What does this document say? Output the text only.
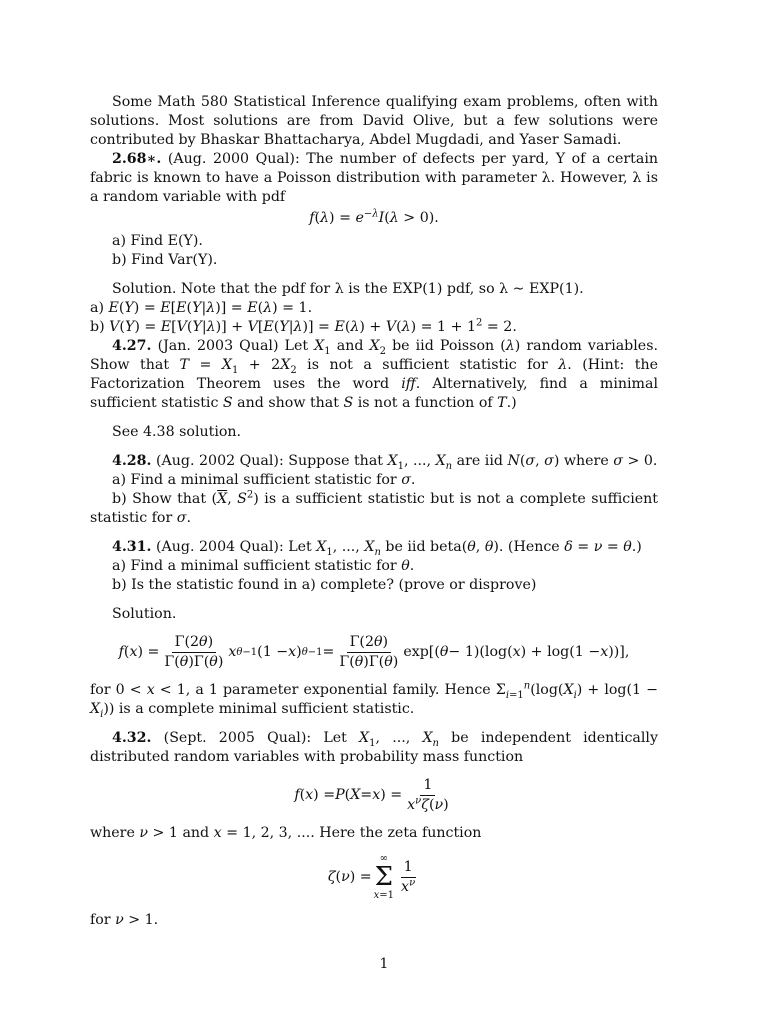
Some Math 580 Statistical Inference qualifying exam problems, often with solutions. Most solutions are from David Olive, but a few solutions were contributed by Bhaskar Bhattacharya, Abdel Mugdadi, and Yaser Samadi.

2.68∗. (Aug. 2000 Qual): The number of defects per yard, Y of a certain fabric is known to have a Poisson distribution with parameter λ. However, λ is a random variable with pdf

$f(\lambda) = e^{-\lambda}I(\lambda > 0)$.

a) Find E(Y).

b) Find Var(Y).

Solution. Note that the pdf for λ is the EXP(1) pdf, so λ ∼ EXP(1).

a) E(Y) = E[E(Y|λ)] = E(λ) = 1.

b) $V(Y) = E[V(Y|\lambda)] + V[E(Y|\lambda)] = E(\lambda) + V(\lambda) = 1 + 1^2 = 2$.

4.27. (Jan. 2003 Qual) Let $X_1$ and $X_2$ be iid Poisson (λ) random variables. Show that $T = X_1 + 2X_2$ is not a sufficient statistic for λ. (Hint: the Factorization Theorem uses the word iff. Alternatively, find a minimal sufficient statistic S and show that S is not a function of T.)

See 4.38 solution.

4.28. (Aug. 2002 Qual): Suppose that $X_1$, ..., $X_n$ are iid N(σ, σ) where σ > 0.

a) Find a minimal sufficient statistic for σ.

b) Show that ($\overline{X}$, $S^2$) is a sufficient statistic but is not a complete sufficient statistic for σ.

4.31. (Aug. 2004 Qual): Let $X_1$, ..., $X_n$ be iid beta(θ, θ). (Hence δ = ν = θ.)

a) Find a minimal sufficient statistic for θ.

b) Is the statistic found in a) complete? (prove or disprove)

Solution.

f ( x ) = $\frac{\Gamma(2\theta)}{\Gamma(\theta)\Gamma(\theta)}$ x θ−1 (1 − x ) $\theta-1 = \frac{\Gamma(2\theta)}{\Gamma(\theta)\Gamma(\theta)} \exp$[( θ − 1)(log( x ) + log(1 − x ))],

for 0 < x < 1, a 1 parameter exponential family. Hence $\Sigma_{i=1}^n(\log(X_i) + \log(1 - X_i))$ is a complete minimal sufficient statistic.

4.32. (Sept. 2005 Qual): Let $X_1$, ..., $X_n$ be independent identically distributed random variables with probability mass function

f ( x ) = P ( X = x ) = $\frac{1}{x^\nu\zeta(\nu)}$

where ν > 1 and x = 1, 2, 3, .... Here the zeta function

ζ ( ν ) =
∞
Σ
$x=1 \frac{1}{x^\nu}$

for ν > 1.

1
